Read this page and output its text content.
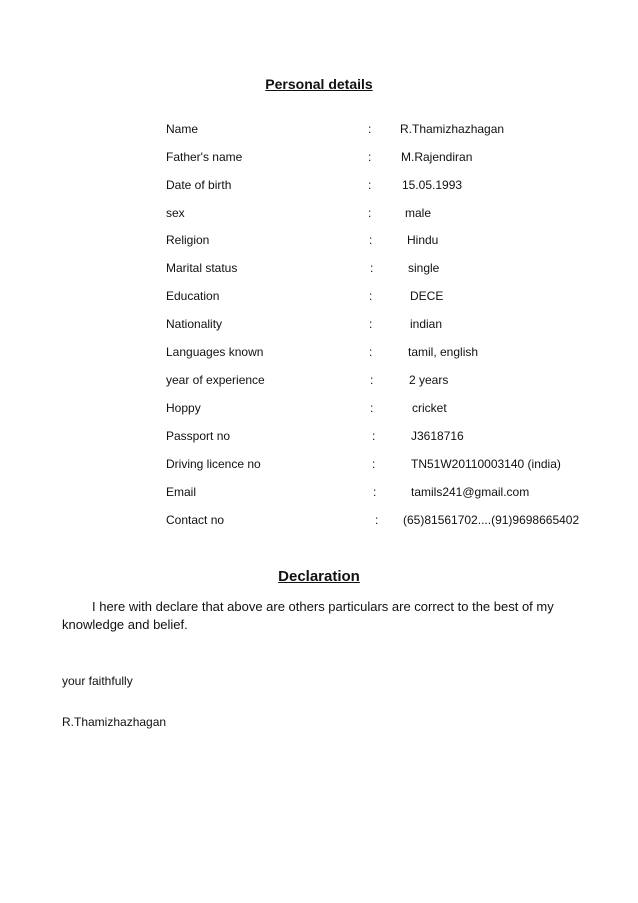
Personal details
Name	: R.Thamizhazhagan
Father's name	: M.Rajendiran
Date of birth	:	15.05.1993
sex	:	male
Religion	:	Hindu
Marital status	:	single
Education	:	DECE
Nationality	:	indian
Languages known	:	tamil, english
year of experience	:	2 years
Hoppy	:	cricket
Passport no	:	J3618716
Driving licence no	:	TN51W20110003140 (india)
Email	:	tamils241@gmail.com
Contact no	: (65)81561702....(91)9698665402
Declaration
I here with declare that above are others particulars are correct to the best of my knowledge and belief.
your faithfully
R.Thamizhazhagan
